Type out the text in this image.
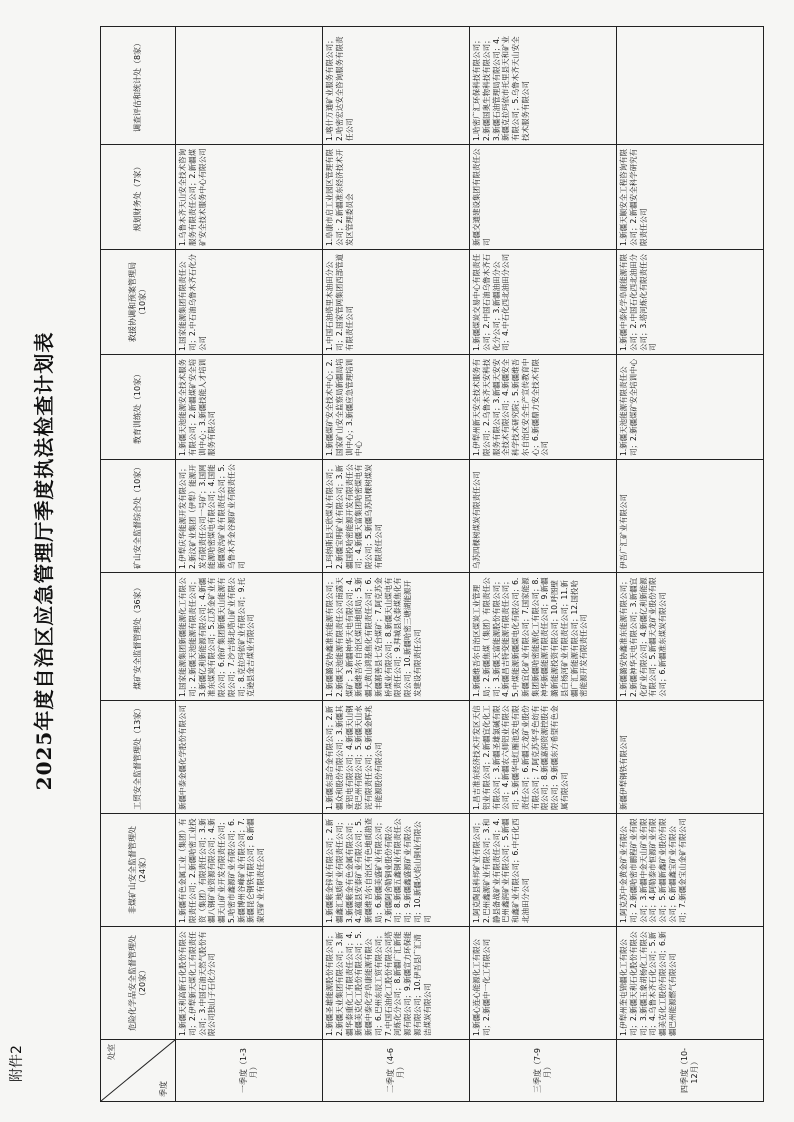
附件2
2025年度自治区应急管理厅季度执法检查计划表
处室
季度	危险化学品安全监督管理处（20家）	非煤矿山安全监督管理处（24家）	工贸安全监督管理处（13家）	煤矿安全监督管理处（36家）	矿山安全监督综合处（10家）	教育训练处（10家）	救援协调和预案管理局（10家）	规划财务处（7家）	调查评估和统计处（8家）
一季度（1-3月）	1.新疆天利高新石化股份有限公司；2.伊犁新天煤化工有限责任公司；3.中国石油天然气股份有限公司独山子石化分公司	1.新疆有色金属工业（集团）有限责任公司；2.新疆哈密工业投资（集团）有限责任公司；3.新疆八钢矿业资源有限公司；4.新疆天山矿业开发有限责任公司；5.哈密市鑫源矿业有限公司；6.新疆博州谷峰矿业有限公司；7.新疆昆仑钢铁有限公司；8.新疆蒙西矿业有限责任公司	新疆中泰金疆化学股份有限公司	1.国家能源集团新疆能源化工有限公司；2.新疆天池能源有限责任公司；3.新疆亿利新能源有限公司；4.新疆准东煤炭有限公司；5.江苏金矿业有限公司；6.徐矿集团新疆天山能源有限公司；7.沙吉海北塔山矿业有限公司；8.克拉玛依矿业有限公司；9.托克逊县金吉煤业有限公司	1.伊犁庆华能源开发有限公司；2.新汶矿业集团（伊犁）能源开发有限责任公司一号矿；3.国网能源哈密煤电有限公司；4.国能新疆宽沟矿业有限责任公司；5.乌鲁木齐金谷源矿业有限责任公司	1.新疆天池能源安全技术服务有限公司；2.新疆煤矿安全培训中心；3.新疆技能人才培训服务有限公司	1.国家能源集团有限责任公司；2.中石油乌鲁木齐石化分公司	1.乌鲁木齐天山安全技术咨询服务有限责任公司；2.新疆煤矿安全技术服务中心有限公司	
二季度（4-6月）	1.新疆圣雄能源股份有限公司；2.新疆天业集团有限公司；3.新疆华泰重化工有限责任公司；4.新疆美克化工股份有限公司；5.新疆中泰化学阜康能源有限公司；6.巴州东辰工贸有限公司；7.中国石油化工股份有限公司塔河炼化分公司；8.新疆广汇新能源有限公司；9.新疆宣力环保能源有限公司；10.伊吾县广汇清洁煤炭有限公司	1.新疆紫金锌业有限公司；2.新疆鑫汇地质矿业有限责任公司；3.新疆紫金有色金属有限公司；4.富蕴县安泰矿业有限公司；5.新疆维吾尔自治区有色地质勘查局；6.新疆美盛矿业有限公司；7.新疆阿舍勒铜业股份有限公司；8.新疆五鑫铜业有限责任公司；9.新疆鑫盛源矿业有限公司；10.新疆火焰山铜业有限公司	1.新疆东部合金有限公司；2.新疆众和股份有限公司；3.新疆其亚铝电有限公司；4.新疆天山钢铁巴州有限公司；5.新疆天山水泥有限责任公司；6.新疆金晖兆丰能源股份有限公司	1.新疆潞安协鑫准东能源有限公司；2.新疆天池能源有限责任公司南露天煤矿；3.新疆神华天电有限公司；4.新疆维吾尔自治区煤田地质局；5.新疆大黄山鸿基焦化有限责任公司；6.新疆鄯善县七克台煤矿；7.阿克苏金桥煤业有限公司；8.新疆天山煤电有限责任公司；9.拜城县众泰煤焦化有限公司；10.新疆哈密三塘湖能源开发建设有限责任公司	1.玛纳斯县天欣煤业有限公司；2.新疆宝明矿业有限公司；3.新疆国投哈密能源开发有限责任公司；4.新疆天富集团哈密煤电有限公司；5.新疆乌苏四棵树煤炭有限责任公司	1.新疆煤矿安全技术中心；2.国家矿山安全监察局新疆局培训中心；3.新疆应急管理培训中心	1.中国石油塔里木油田分公司；2.国家管网集团西部管道有限责任公司	1.阜康市启工业园区管理有限公司；2.新疆准东经济技术开发区管理委员会	1.喀什万通矿业服务有限公司；2.哈密宏达安全咨询服务有限责任公司
三季度（7-9月）	1.新疆心连心能源化工有限公司；2.新疆中一化工有限公司	1.阿克陶县科邦矿业有限公司；2.巴州鑫源矿业有限公司；3.和静县备战矿业有限责任公司；4.巴州鑫润矿业有限公司；5.新疆和鑫矿业有限公司；6.中石化西北油田分公司	1.昌吉准东经济技术开发区天信铝业有限公司；2.新疆宜化化工有限公司；3.新疆圣雄氯碱有限公司；4.新疆农六师铝业有限公司；5.新疆华电红雁池发电有限责任公司；6.新疆天龙矿业股份有限公司；7.阿克苏华孚色纺有限公司；8.新疆嘉润资源控股有限公司；9.新疆东方希望有色金属有限公司	1.新疆维吾尔自治区煤炭工业管理局；2.新疆焦煤（集团）有限责任公司；3.新疆天富能源股份有限公司；4.新疆昌吉特变能源有限责任公司；5.中煤能源新疆煤电化有限公司；6.新疆宜化矿业有限公司；7.国家能源集团新疆哈密能源化工有限公司；8.神华新疆能源有限责任公司；9.新疆潞新能源投资有限公司；10.呼图壁县白杨河矿业有限责任公司；11.新疆广汇新能源有限公司；12.国投哈密能源开发有限责任公司	乌苏四棵树煤炭有限责任公司	1.伊犁州新天安全技术服务有限公司；2.乌鲁木齐天安科技服务有限公司；3.新疆天安安全技术有限公司；4.新疆安全科学技术研究院；5.新疆维吾尔自治区安全生产宣传教育中心；6.新疆鼎力安全技术有限公司	1.新疆煤炭交易中心有限责任公司；2.中国石油乌鲁木齐石化分公司；3.新疆油田分公司；4.中石化西北油田分公司	新疆交通建设集团有限责任公司	1.哈密广汇环保科技有限公司；2.新疆国奥生物科技有限公司；3.新疆石油管理局有限公司；4.新疆克拉玛依市托里县天和矿业有限公司；5.乌鲁木齐天山安全技术服务有限公司
四季度（10-12月）	1.伊犁州奎屯锦疆化工有限公司；2.新疆天利石化股份有限公司；3.新疆玉象胡杨化工有限公司；4.乌鲁木齐石化公司；5.新疆美克化工股份有限公司；6.新疆巴州能源燃气有限公司	1.阿克苏中金黄金矿业有限公司；2.新疆哈密市鹏程矿业有限公司；3.新疆中金天山矿业有限公司；4.阿勒泰市恒源矿业有限公司；5.新疆新鑫矿业股份有限公司；6.新疆鑫宝矿业有限公司；7.新疆金宝山金矿有限公司	新疆伊犁钢铁有限公司	1.新疆潞安协鑫准东能源有限公司；2.新疆神华天电有限公司；3.新疆宜化矿业有限公司；4.新疆亿利新能源有限公司；5.新疆天龙矿业股份有限公司；6.新疆准东煤炭有限公司	伊吾广汇矿业有限公司	1.新疆天池能源有限责任公司；2.新疆煤矿安全培训中心	1.新疆中泰化学阜康能源有限公司；2.中国石化西北油田分公司；3.塔河炼化有限责任公司	1.新疆天顺安全工程咨询有限公司；2.新疆安全科学研究有限责任公司	
